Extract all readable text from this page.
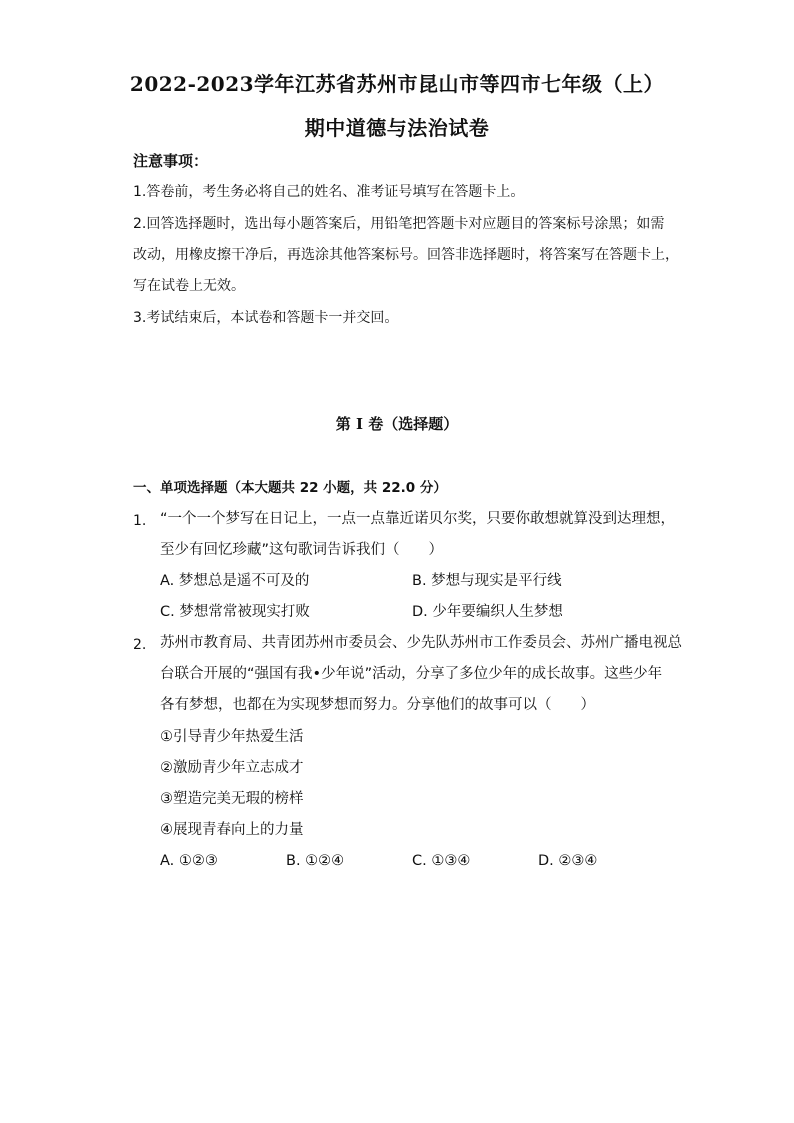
2022-2023学年江苏省苏州市昆山市等四市七年级（上）
期中道德与法治试卷
注意事项：
1.答卷前，考生务必将自己的姓名、准考证号填写在答题卡上。
2.回答选择题时，选出每小题答案后，用铅笔把答题卡对应题目的答案标号涂黑；如需
改动，用橡皮擦干净后，再选涂其他答案标号。回答非选择题时，将答案写在答题卡上，
写在试卷上无效。
3.考试结束后，本试卷和答题卡一并交回。
第 I 卷（选择题）
一、单项选择题（本大题共 22 小题，共 22.0 分）
1. “一个一个梦写在日记上，一点一点靠近诺贝尔奖，只要你敢想就算没到达理想，
至少有回忆珍藏”这句歌词告诉我们（　　）
A. 梦想总是遥不可及的	B. 梦想与现实是平行线
C. 梦想常常被现实打败	D. 少年要编织人生梦想
2. 苏州市教育局、共青团苏州市委员会、少先队苏州市工作委员会、苏州广播电视总
台联合开展的“强国有我•少年说”活动，分享了多位少年的成长故事。这些少年
各有梦想，也都在为实现梦想而努力。分享他们的故事可以（　　）
①引导青少年热爱生活
②激励青少年立志成才
③塑造完美无瑕的榜样
④展现青春向上的力量
A. ①②③	B. ①②④	C. ①③④	D. ②③④
